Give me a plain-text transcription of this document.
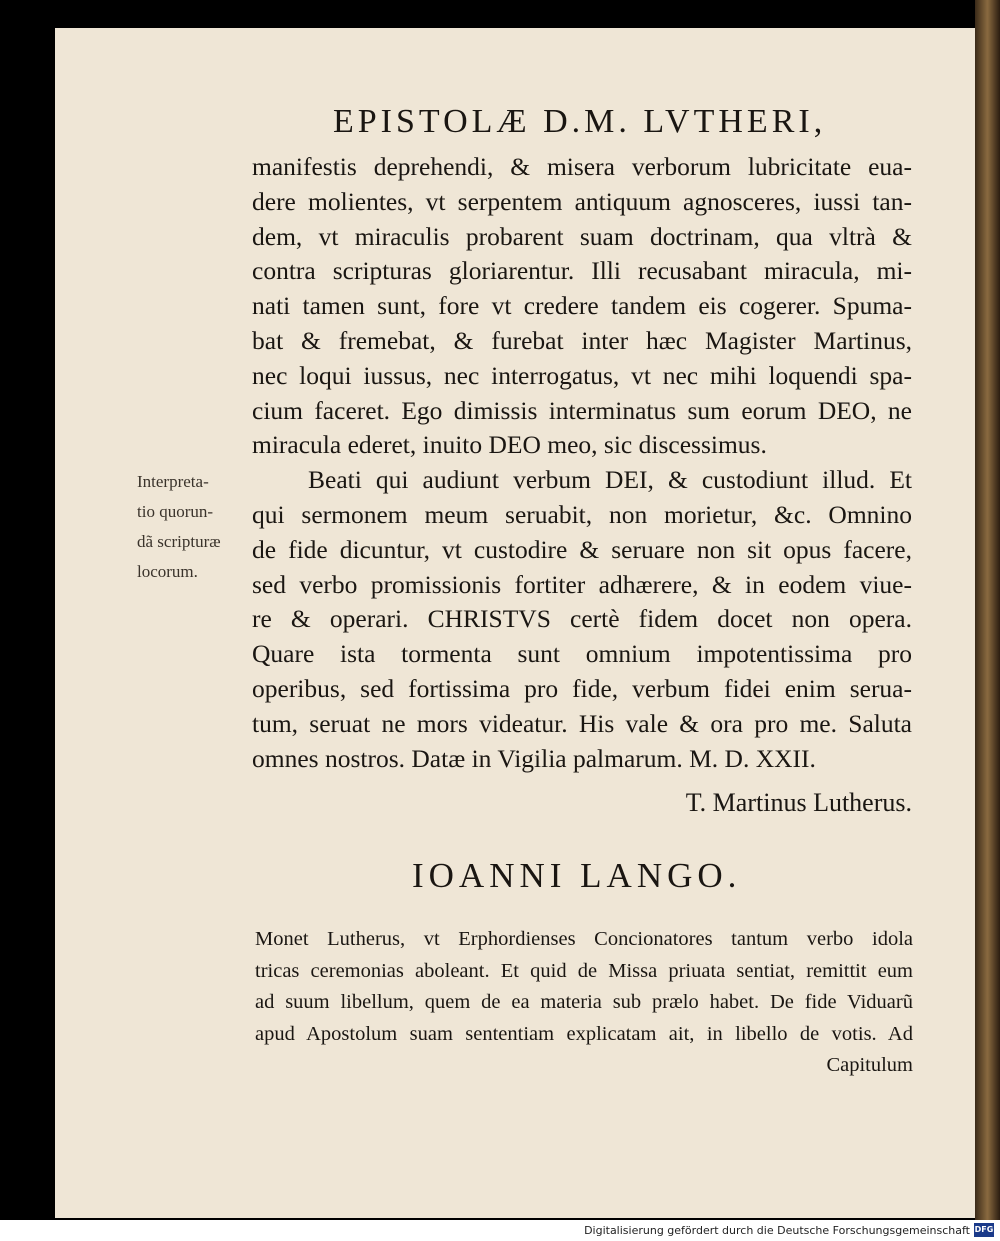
EPISTOLÆ D.M. LVTHERI,
manifestis deprehendi, & misera verborum lubricitate eua-
dere molientes, vt serpentem antiquum agnosceres, iussi tan-
dem, vt miraculis probarent suam doctrinam, qua vltrà &
contra scripturas gloriarentur. Illi recusabant miracula, mi-
nati tamen sunt, fore vt credere tandem eis cogerer. Spuma-
bat & fremebat, & furebat inter hæc Magister Martinus,
nec loqui iussus, nec interrogatus, vt nec mihi loquendi spa-
cium faceret. Ego dimissis interminatus sum eorum DEO, ne
miracula ederet, inuito DEO meo, sic discessimus.
Beati qui audiunt verbum DEI, & custodiunt illud. Et
qui sermonem meum seruabit, non morietur, &c. Omnino
de fide dicuntur, vt custodire & seruare non sit opus facere,
sed verbo promissionis fortiter adhærere, & in eodem viue-
re & operari. CHRISTVS certè fidem docet non opera.
Quare ista tormenta sunt omnium impotentissima pro
operibus, sed fortissima pro fide, verbum fidei enim serua-
tum, seruat ne mors videatur. His vale & ora pro me. Saluta
omnes nostros. Datæ in Vigilia palmarum. M. D. XXII.
Interpreta-
tio quorun-
dã scripturæ
locorum.
T. Martinus Lutherus.
IOANNI LANGO.
Monet Lutherus, vt Erphordienses Concionatores tantum verbo idola
tricas ceremonias aboleant. Et quid de Missa priuata sentiat, remittit eum
ad suum libellum, quem de ea materia sub prælo habet. De fide Viduarũ
apud Apostolum suam sententiam explicatam ait, in libello de votis. Ad
Capitulum
Digitalisierung gefördert durch die Deutsche Forschungsgemeinschaft DFG
